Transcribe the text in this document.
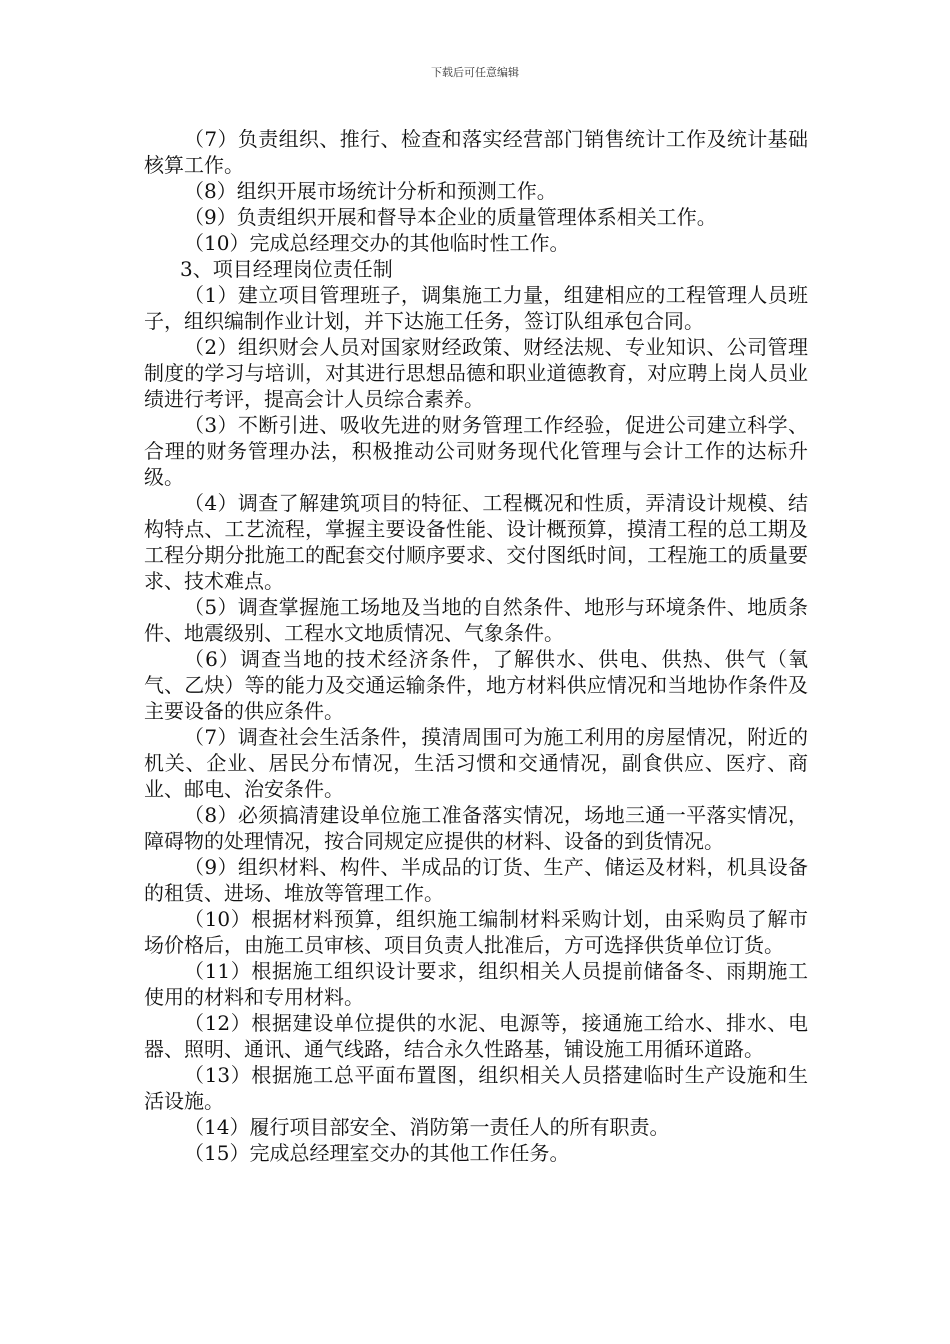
下载后可任意编辑

（7）负责组织、推行、检查和落实经营部门销售统计工作及统计基础核算工作。

（8）组织开展市场统计分析和预测工作。

（9）负责组织开展和督导本企业的质量管理体系相关工作。

（10）完成总经理交办的其他临时性工作。

3、项目经理岗位责任制

（1）建立项目管理班子，调集施工力量，组建相应的工程管理人员班子，组织编制作业计划，并下达施工任务，签订队组承包合同。

（2）组织财会人员对国家财经政策、财经法规、专业知识、公司管理制度的学习与培训，对其进行思想品德和职业道德教育，对应聘上岗人员业绩进行考评，提高会计人员综合素养。

（3）不断引进、吸收先进的财务管理工作经验，促进公司建立科学、合理的财务管理办法，积极推动公司财务现代化管理与会计工作的达标升级。

（4）调查了解建筑项目的特征、工程概况和性质，弄清设计规模、结构特点、工艺流程，掌握主要设备性能、设计概预算，摸清工程的总工期及工程分期分批施工的配套交付顺序要求、交付图纸时间，工程施工的质量要求、技术难点。

（5）调查掌握施工场地及当地的自然条件、地形与环境条件、地质条件、地震级别、工程水文地质情况、气象条件。

（6）调查当地的技术经济条件，了解供水、供电、供热、供气（氧气、乙炔）等的能力及交通运输条件，地方材料供应情况和当地协作条件及主要设备的供应条件。

（7）调查社会生活条件，摸清周围可为施工利用的房屋情况，附近的机关、企业、居民分布情况，生活习惯和交通情况，副食供应、医疗、商业、邮电、治安条件。

（8）必须搞清建设单位施工准备落实情况，场地三通一平落实情况，障碍物的处理情况，按合同规定应提供的材料、设备的到货情况。

（9）组织材料、构件、半成品的订货、生产、储运及材料，机具设备的租赁、进场、堆放等管理工作。

（10）根据材料预算，组织施工编制材料采购计划，由采购员了解市场价格后，由施工员审核、项目负责人批准后，方可选择供货单位订货。

（11）根据施工组织设计要求，组织相关人员提前储备冬、雨期施工使用的材料和专用材料。

（12）根据建设单位提供的水泥、电源等，接通施工给水、排水、电器、照明、通讯、通气线路，结合永久性路基，铺设施工用循环道路。

（13）根据施工总平面布置图，组织相关人员搭建临时生产设施和生活设施。

（14）履行项目部安全、消防第一责任人的所有职责。

（15）完成总经理室交办的其他工作任务。
